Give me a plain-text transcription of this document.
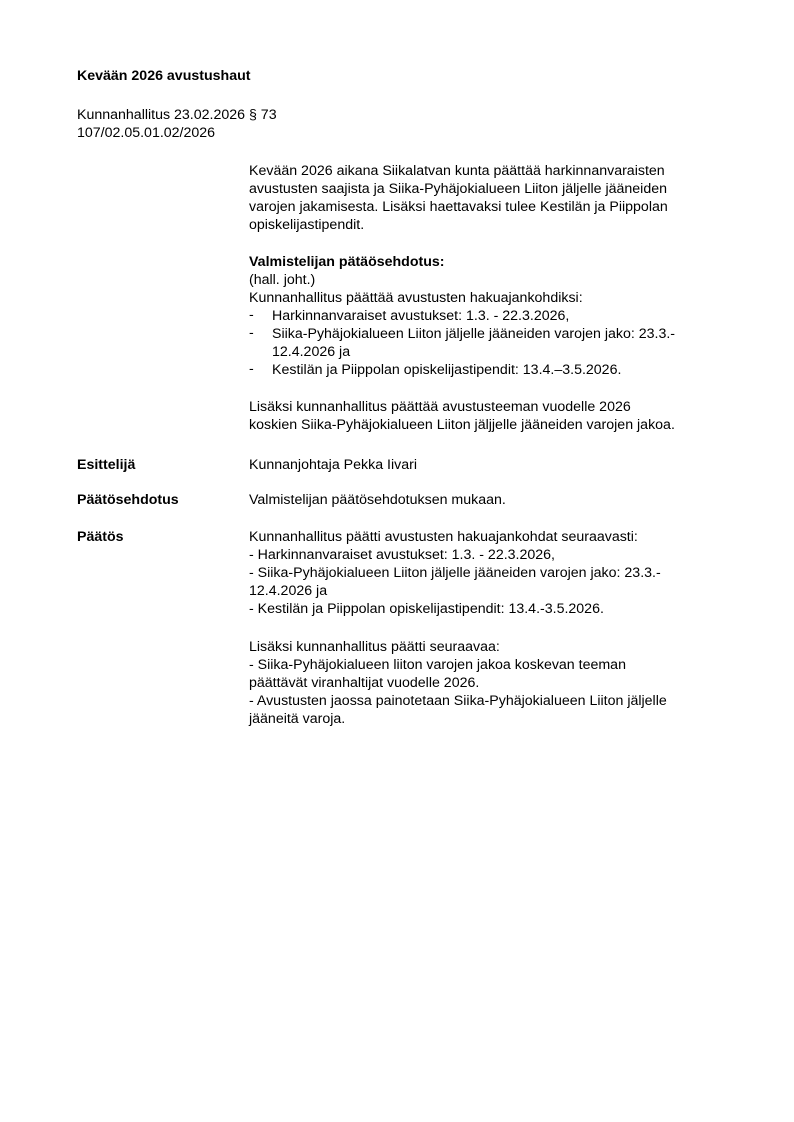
Kevään 2026 avustushaut
Kunnanhallitus 23.02.2026 § 73
107/02.05.01.02/2026

Kevään 2026 aikana Siikalatvan kunta päättää harkinnanvaraisten

avustusten saajista ja Siika-Pyhäjokialueen Liiton jäljelle jääneiden

varojen jakamisesta. Lisäksi haettavaksi tulee Kestilän ja Piippolan

opiskelijastipendit.

Valmistelijan pätäösehdotus:

(hall. joht.)

Kunnanhallitus päättää avustusten hakuajankohdiksi:

- Harkinnanvaraiset avustukset: 1.3. - 22.3.2026,

- Siika-Pyhäjokialueen Liiton jäljelle jääneiden varojen jako: 23.3.-

12.4.2026 ja

- Kestilän ja Piippolan opiskelijastipendit: 13.4.–3.5.2026.

Lisäksi kunnanhallitus päättää avustusteeman vuodelle 2026

koskien Siika-Pyhäjokialueen Liiton jäljjelle jääneiden varojen jakoa.

Esittelijä	Kunnanjohtaja Pekka Iivari

Päätösehdotus	Valmistelijan päätösehdotuksen mukaan.

Päätös	Kunnanhallitus päätti avustusten hakuajankohdat seuraavasti:

- Harkinnanvaraiset avustukset: 1.3. - 22.3.2026,

- Siika-Pyhäjokialueen Liiton jäljelle jääneiden varojen jako: 23.3.-

12.4.2026 ja

- Kestilän ja Piippolan opiskelijastipendit: 13.4.-3.5.2026.

Lisäksi kunnanhallitus päätti seuraavaa:

- Siika-Pyhäjokialueen liiton varojen jakoa koskevan teeman

päättävät viranhaltijat vuodelle 2026.

- Avustusten jaossa painotetaan Siika-Pyhäjokialueen Liiton jäljelle

jääneitä varoja.
